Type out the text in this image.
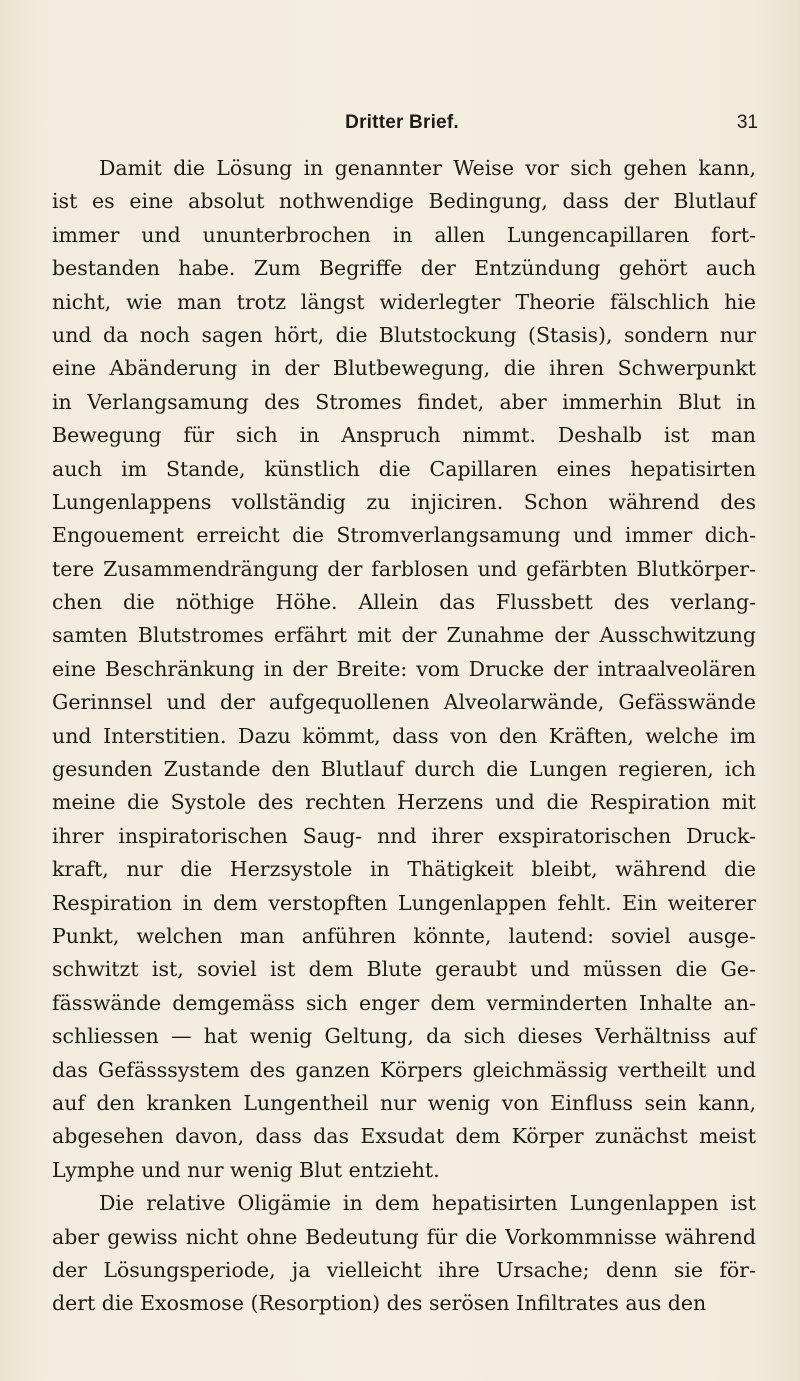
Dritter Brief.	31
Damit die Lösung in genannter Weise vor sich gehen kann,
ist es eine absolut nothwendige Bedingung, dass der Blutlauf
immer und ununterbrochen in allen Lungencapillaren fort-
bestanden habe. Zum Begriffe der Entzündung gehört auch
nicht, wie man trotz längst widerlegter Theorie fälschlich hie
und da noch sagen hört, die Blutstockung (Stasis), sondern nur
eine Abänderung in der Blutbewegung, die ihren Schwerpunkt
in Verlangsamung des Stromes findet, aber immerhin Blut in
Bewegung für sich in Anspruch nimmt. Deshalb ist man
auch im Stande, künstlich die Capillaren eines hepatisirten
Lungenlappens vollständig zu injiciren. Schon während des
Engouement erreicht die Stromverlangsamung und immer dich-
tere Zusammendrängung der farblosen und gefärbten Blutkörper-
chen die nöthige Höhe. Allein das Flussbett des verlang-
samten Blutstromes erfährt mit der Zunahme der Ausschwitzung
eine Beschränkung in der Breite: vom Drucke der intraalveolären
Gerinnsel und der aufgequollenen Alveolarwände, Gefässwände
und Interstitien. Dazu kömmt, dass von den Kräften, welche im
gesunden Zustande den Blutlauf durch die Lungen regieren, ich
meine die Systole des rechten Herzens und die Respiration mit
ihrer inspiratorischen Saug- nnd ihrer exspiratorischen Druck-
kraft, nur die Herzsystole in Thätigkeit bleibt, während die
Respiration in dem verstopften Lungenlappen fehlt. Ein weiterer
Punkt, welchen man anführen könnte, lautend: soviel ausge-
schwitzt ist, soviel ist dem Blute geraubt und müssen die Ge-
fässwände demgemäss sich enger dem verminderten Inhalte an-
schliessen — hat wenig Geltung, da sich dieses Verhältniss auf
das Gefässsystem des ganzen Körpers gleichmässig vertheilt und
auf den kranken Lungentheil nur wenig von Einfluss sein kann,
abgesehen davon, dass das Exsudat dem Körper zunächst meist
Lymphe und nur wenig Blut entzieht.
Die relative Oligämie in dem hepatisirten Lungenlappen ist
aber gewiss nicht ohne Bedeutung für die Vorkommnisse während
der Lösungsperiode, ja vielleicht ihre Ursache; denn sie för-
dert die Exosmose (Resorption) des serösen Infiltrates aus den
